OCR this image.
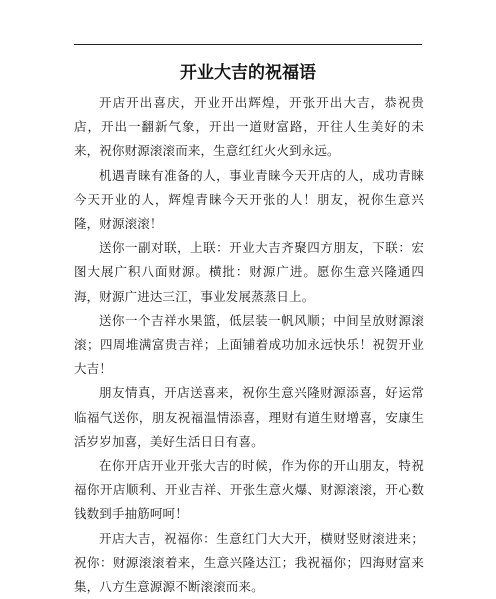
开业大吉的祝福语

开店开出喜庆，开业开出辉煌，开张开出大吉，恭祝贵店，开出一翻新气象，开出一道财富路，开往人生美好的未来，祝你财源滚滚而来，生意红红火火到永远。

机遇青睐有准备的人，事业青睐今天开店的人，成功青睐今天开业的人，辉煌青睐今天开张的人！朋友，祝你生意兴隆，财源滚滚！

送你一副对联，上联：开业大吉齐聚四方朋友，下联：宏图大展广积八面财源。横批：财源广进。愿你生意兴隆通四海，财源广进达三江，事业发展蒸蒸日上。

送你一个吉祥水果篮，低层装一帆风顺；中间呈放财源滚滚；四周堆满富贵吉祥；上面铺着成功加永远快乐！祝贺开业大吉！

朋友情真，开店送喜来，祝你生意兴隆财源添喜，好运常临福气送你，朋友祝福温情添喜，理财有道生财增喜，安康生活岁岁加喜，美好生活日日有喜。

在你开店开业开张大吉的时候，作为你的开山朋友，特祝福你开店顺利、开业吉祥、开张生意火爆、财源滚滚，开心数钱数到手抽筋呵呵！

开店大吉，祝福你：生意红门大大开，横财竖财滚进来；祝你：财源滚滚着来，生意兴隆达江；我祝福你；四海财富来集，八方生意源源不断滚滚而来。
